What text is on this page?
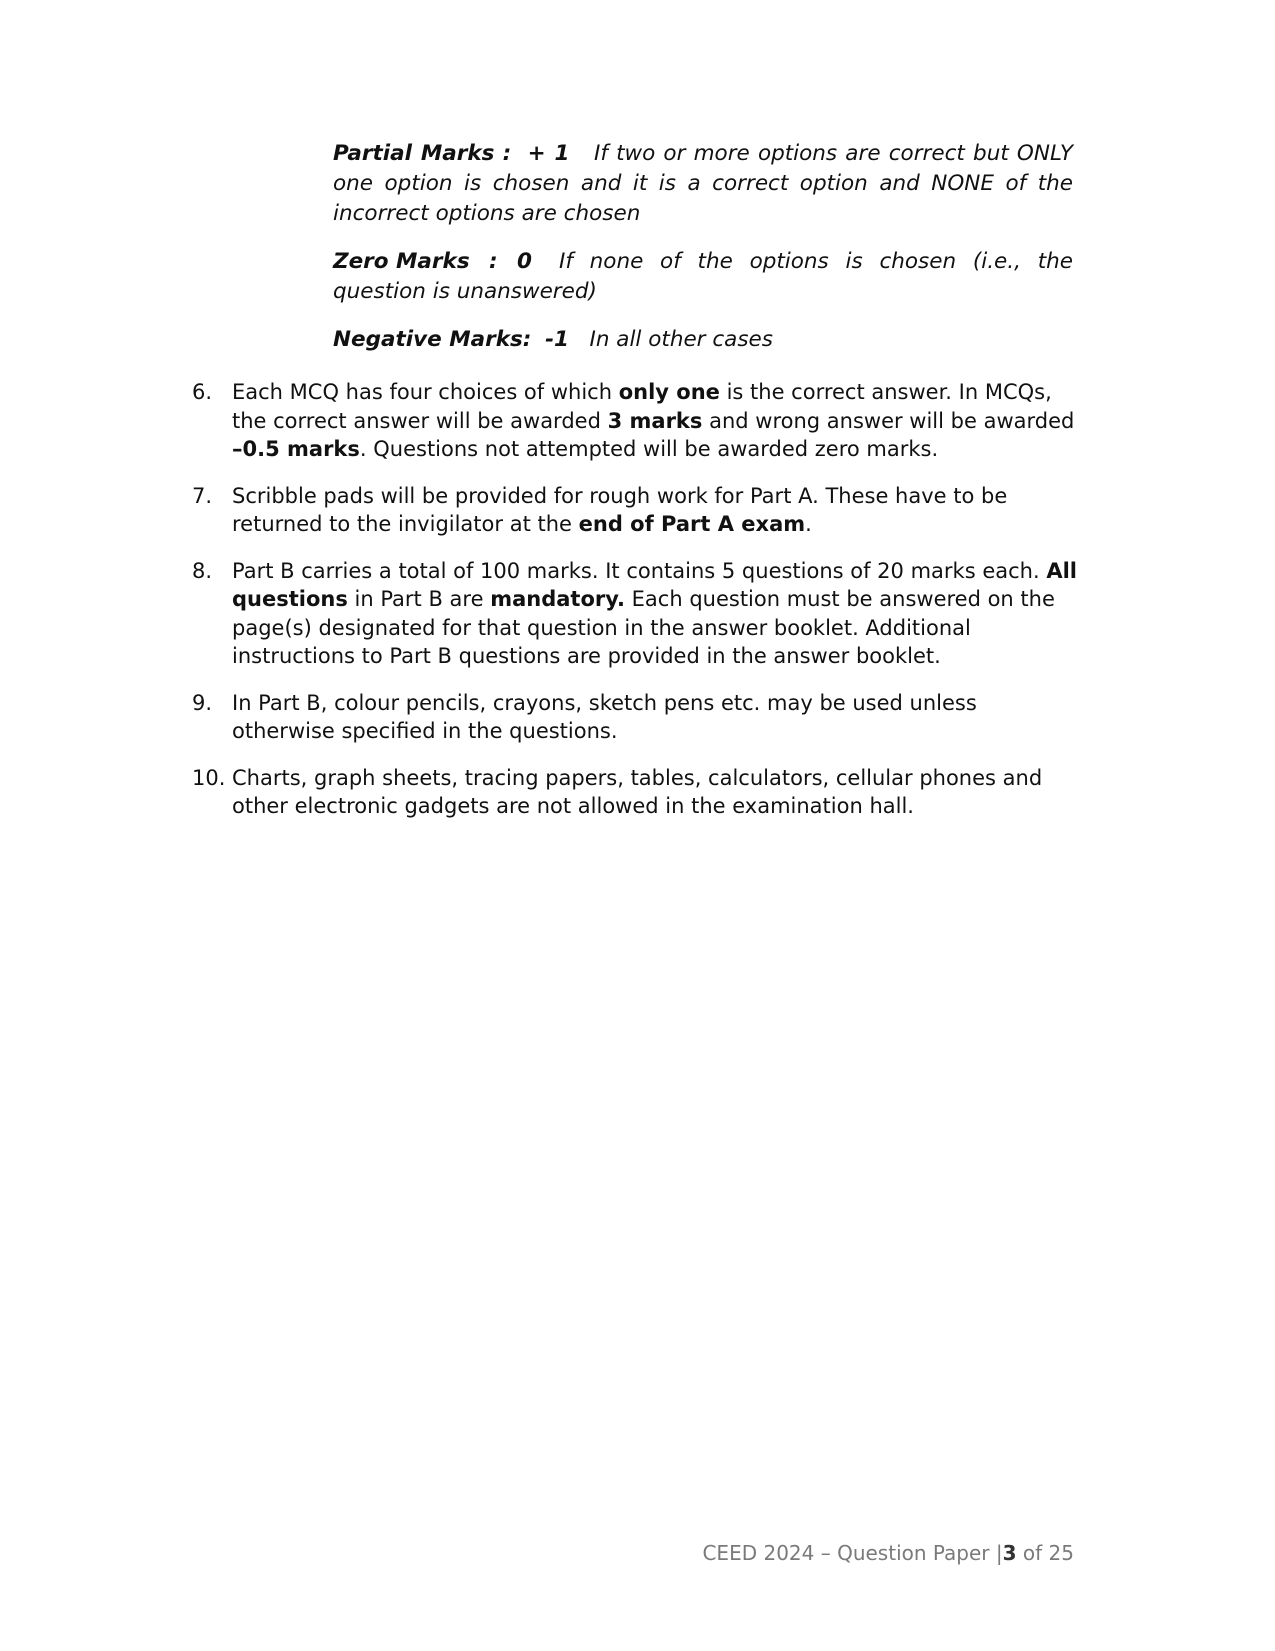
Partial Marks : + 1 If two or more options are correct but ONLY one option is chosen and it is a correct option and NONE of the incorrect options are chosen

Zero Marks : 0 If none of the options is chosen (i.e., the question is unanswered)

Negative Marks: -1 In all other cases

6. Each MCQ has four choices of which only one is the correct answer. In MCQs, the correct answer will be awarded 3 marks and wrong answer will be awarded –0.5 marks. Questions not attempted will be awarded zero marks.
7. Scribble pads will be provided for rough work for Part A. These have to be returned to the invigilator at the end of Part A exam.
8. Part B carries a total of 100 marks. It contains 5 questions of 20 marks each. All questions in Part B are mandatory. Each question must be answered on the page(s) designated for that question in the answer booklet. Additional instructions to Part B questions are provided in the answer booklet.
9. In Part B, colour pencils, crayons, sketch pens etc. may be used unless otherwise specified in the questions.
10. Charts, graph sheets, tracing papers, tables, calculators, cellular phones and other electronic gadgets are not allowed in the examination hall.
CEED 2024 – Question Paper |3 of 25
